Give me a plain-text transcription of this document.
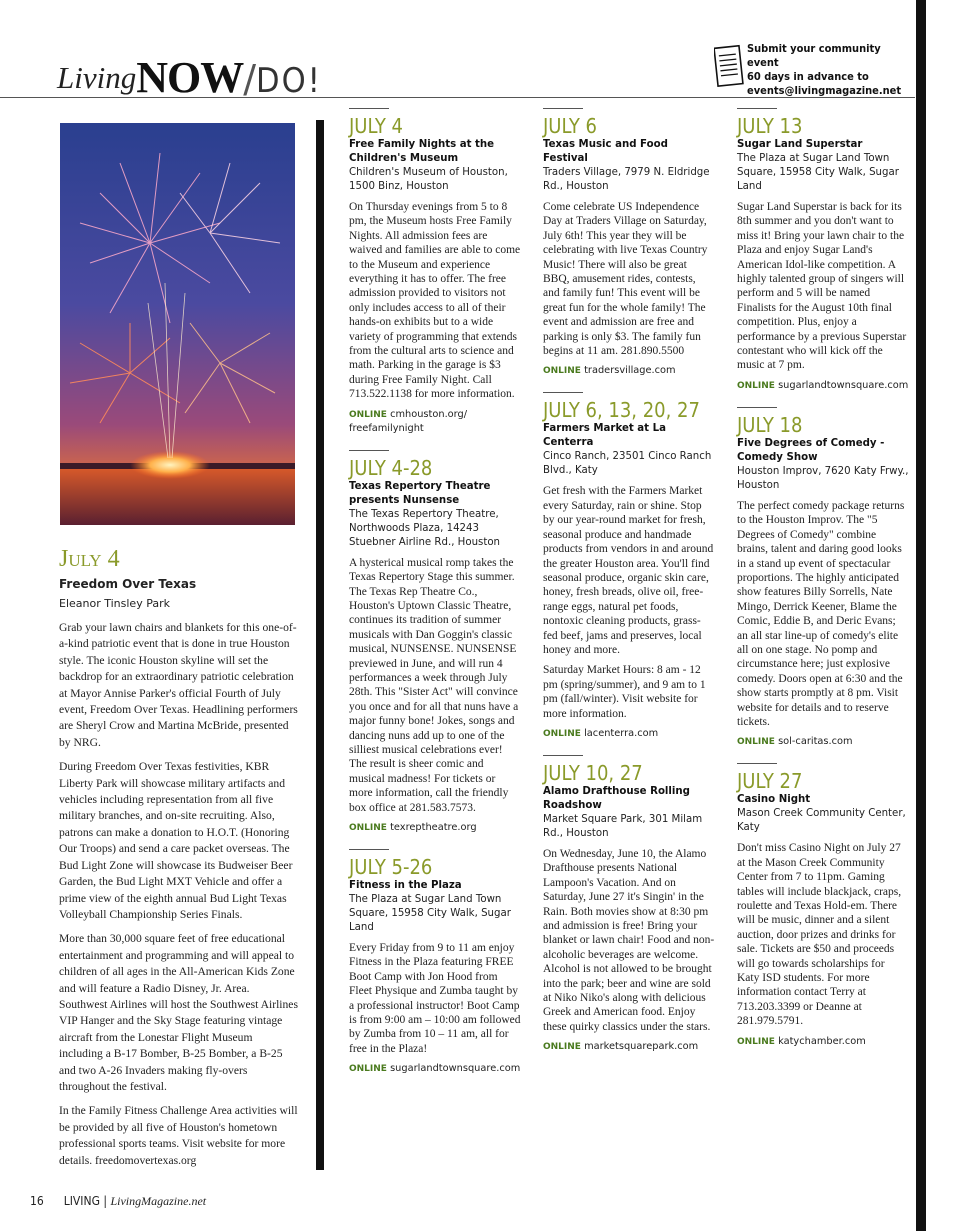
LivingNOW/DO!
Submit your community event
60 days in advance to
events@livingmagazine.net
July 4
Freedom Over Texas
Eleanor Tinsley Park

Grab your lawn chairs and blankets for this one-of-a-kind patriotic event that is done in true Houston style. The iconic Houston skyline will set the backdrop for an extraordinary patriotic celebration at Mayor Annise Parker's official Fourth of July event, Freedom Over Texas. Headlining performers are Sheryl Crow and Martina McBride, presented by NRG.

During Freedom Over Texas festivities, KBR Liberty Park will showcase military artifacts and vehicles including representation from all five military branches, and on-site recruiting. Also, patrons can make a donation to H.O.T. (Honoring Our Troops) and send a care packet overseas. The Bud Light Zone will showcase its Budweiser Beer Garden, the Bud Light MXT Vehicle and offer a prime view of the eighth annual Bud Light Texas Volleyball Championship Series Finals.

More than 30,000 square feet of free educational entertainment and programming and will appeal to children of all ages in the All-American Kids Zone and will feature a Radio Disney, Jr. Area. Southwest Airlines will host the Southwest Airlines VIP Hanger and the Sky Stage featuring vintage aircraft from the Lonestar Flight Museum including a B-17 Bomber, B-25 Bomber, a B-25 and two A-26 Invaders making fly-overs throughout the festival.

In the Family Fitness Challenge Area activities will be provided by all five of Houston's hometown professional sports teams. Visit website for more details. freedomovertexas.org

JULY 4
Free Family Nights at the Children's Museum
Children's Museum of Houston, 1500 Binz, Houston

On Thursday evenings from 5 to 8 pm, the Museum hosts Free Family Nights. All admission fees are waived and families are able to come to the Museum and experience everything it has to offer. The free admission provided to visitors not only includes access to all of their hands-on exhibits but to a wide variety of programming that extends from the cultural arts to science and math. Parking in the garage is $3 during Free Family Night. Call 713.522.1138 for more information.

ONLINE cmhouston.org/ freefamilynight
JULY 4-28
Texas Repertory Theatre presents Nunsense
The Texas Repertory Theatre, Northwoods Plaza, 14243 Stuebner Airline Rd., Houston

A hysterical musical romp takes the Texas Repertory Stage this summer. The Texas Rep Theatre Co., Houston's Uptown Classic Theatre, continues its tradition of summer musicals with Dan Goggin's classic musical, NUNSENSE. NUNSENSE previewed in June, and will run 4 performances a week through July 28th. This "Sister Act" will convince you once and for all that nuns have a major funny bone! Jokes, songs and dancing nuns add up to one of the silliest musical celebrations ever! The result is sheer comic and musical madness! For tickets or more information, call the friendly box office at 281.583.7573.

ONLINE texreptheatre.org
JULY 5-26
Fitness in the Plaza
The Plaza at Sugar Land Town Square, 15958 City Walk, Sugar Land

Every Friday from 9 to 11 am enjoy Fitness in the Plaza featuring FREE Boot Camp with Jon Hood from Fleet Physique and Zumba taught by a professional instructor! Boot Camp is from 9:00 am – 10:00 am followed by Zumba from 10 – 11 am, all for free in the Plaza!

ONLINE sugarlandtownsquare.com
JULY 6
Texas Music and Food Festival
Traders Village, 7979 N. Eldridge Rd., Houston

Come celebrate US Independence Day at Traders Village on Saturday, July 6th! This year they will be celebrating with live Texas Country Music! There will also be great BBQ, amusement rides, contests, and family fun! This event will be great fun for the whole family! The event and admission are free and parking is only $3. The family fun begins at 11 am. 281.890.5500

ONLINE tradersvillage.com
JULY 6, 13, 20, 27
Farmers Market at La Centerra
Cinco Ranch, 23501 Cinco Ranch Blvd., Katy

Get fresh with the Farmers Market every Saturday, rain or shine. Stop by our year-round market for fresh, seasonal produce and handmade products from vendors in and around the greater Houston area. You'll find seasonal produce, organic skin care, honey, fresh breads, olive oil, free-range eggs, natural pet foods, nontoxic cleaning products, grass-fed beef, jams and preserves, local honey and more.

Saturday Market Hours: 8 am - 12 pm (spring/summer), and 9 am to 1 pm (fall/winter). Visit website for more information.

ONLINE lacenterra.com
JULY 10, 27
Alamo Drafthouse Rolling Roadshow
Market Square Park, 301 Milam Rd., Houston

On Wednesday, June 10, the Alamo Drafthouse presents National Lampoon's Vacation. And on Saturday, June 27 it's Singin' in the Rain. Both movies show at 8:30 pm and admission is free! Bring your blanket or lawn chair! Food and non-alcoholic beverages are welcome. Alcohol is not allowed to be brought into the park; beer and wine are sold at Niko Niko's along with delicious Greek and American food. Enjoy these quirky classics under the stars.

ONLINE marketsquarepark.com
JULY 13
Sugar Land Superstar
The Plaza at Sugar Land Town Square, 15958 City Walk, Sugar Land

Sugar Land Superstar is back for its 8th summer and you don't want to miss it! Bring your lawn chair to the Plaza and enjoy Sugar Land's American Idol-like competition. A highly talented group of singers will perform and 5 will be named Finalists for the August 10th final competition. Plus, enjoy a performance by a previous Superstar contestant who will kick off the music at 7 pm.

ONLINE sugarlandtownsquare.com
JULY 18
Five Degrees of Comedy - Comedy Show
Houston Improv, 7620 Katy Frwy., Houston

The perfect comedy package returns to the Houston Improv. The "5 Degrees of Comedy" combine brains, talent and daring good looks in a stand up event of spectacular proportions. The highly anticipated show features Billy Sorrells, Nate Mingo, Derrick Keener, Blame the Comic, Eddie B, and Deric Evans; an all star line-up of comedy's elite all on one stage. No pomp and circumstance here; just explosive comedy. Doors open at 6:30 and the show starts promptly at 8 pm. Visit website for details and to reserve tickets.

ONLINE sol-caritas.com
JULY 27
Casino Night
Mason Creek Community Center, Katy

Don't miss Casino Night on July 27 at the Mason Creek Community Center from 7 to 11pm. Gaming tables will include blackjack, craps, roulette and Texas Hold-em. There will be music, dinner and a silent auction, door prizes and drinks for sale. Tickets are $50 and proceeds will go towards scholarships for Katy ISD students. For more information contact Terry at 713.203.3399 or Deanne at 281.979.5791.

ONLINE katychamber.com
16 LIVING | LivingMagazine.net
